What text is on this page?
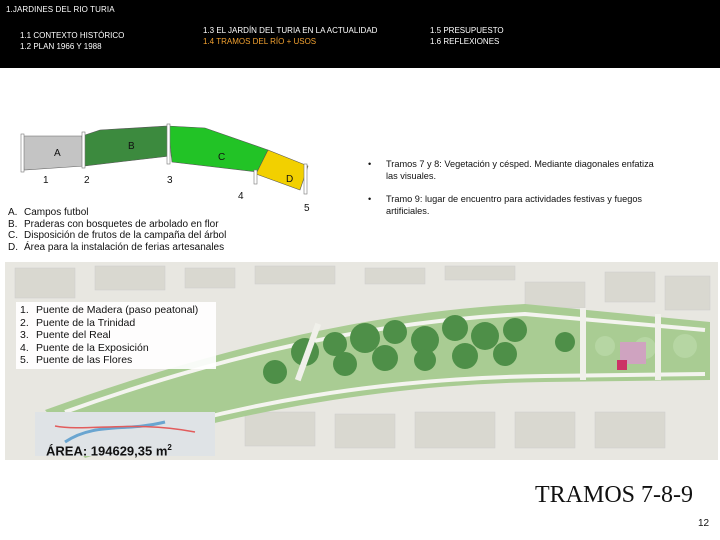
1.JARDINES DEL RIO TURIA
1.1 CONTEXTO HISTÓRICO
1.2 PLAN 1966 Y 1988
1.3 EL JARDÍN DEL TURIA EN LA ACTUALIDAD
1.4 TRAMOS DEL RÍO + USOS
1.5 PRESUPUESTO
1.6 REFLEXIONES
A
B
C
D
1	2	3
4
5
A. Campos futbol
B. Praderas con bosquetes de arbolado en flor
C. Disposición de frutos de la campaña del árbol
D. Área para la instalación de ferias artesanales
•	Tramos 7 y 8: Vegetación y césped. Mediante diagonales enfatiza las visuales.
•	Tramo 9: lugar de encuentro para actividades festivas y fuegos artificiales.
1. Puente de Madera (paso peatonal)
2. Puente de la Trinidad
3. Puente del Real
4. Puente de la Exposición
5. Puente de las Flores
ÁREA: 194629,35 $m^2$
TRAMOS 7-8-9
12
